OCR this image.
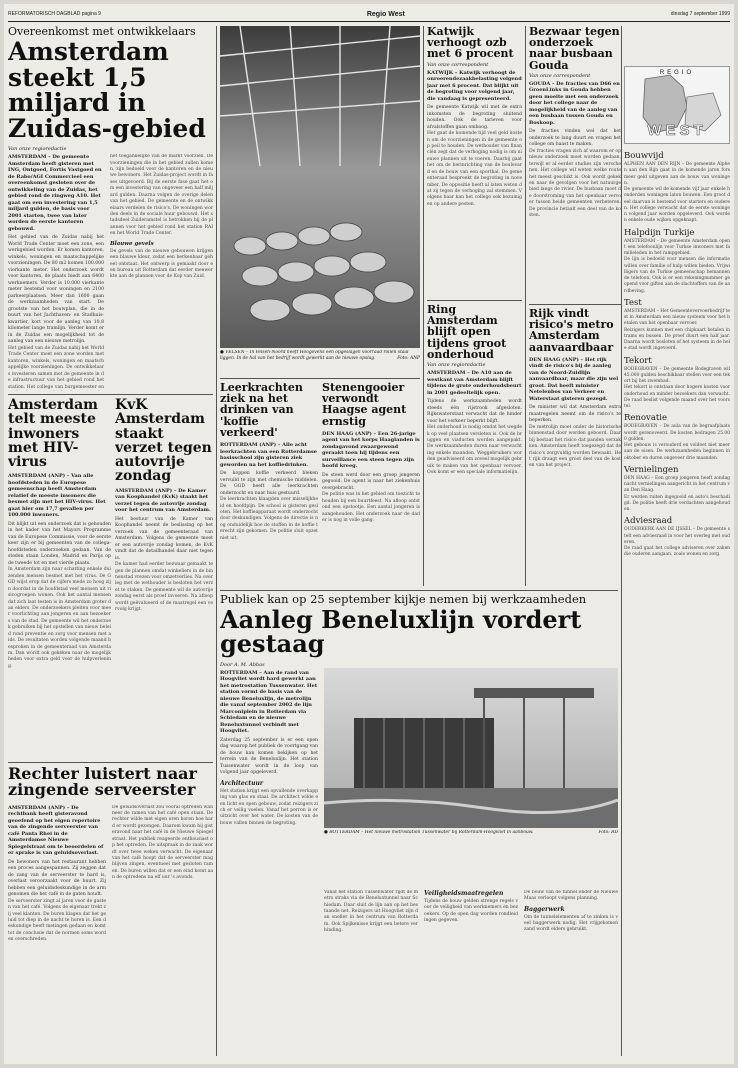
REFORMATORISCH DAGBLAD pagina 9	Regio West	dinsdag 7 september 1999
Overeenkomst met ontwikkelaars
Amsterdam steekt 1,5 miljard in Zuidas-gebied
Van onze regioredactie
AMSTERDAM – De gemeente Amsterdam heeft gisteren met ING, Ontgoed, Fortis Vastgoed en de Rabo/AGI Commercieel een overeenkomst gesloten over de ontwikkeling van de Zuidas, het gebied rond de ringweg A10. Het gaat om een investering van 1,5 miljard gulden, de basis voor 2001 starten, twee van later worden de eerste kantoren gebouwd.
Het gebied van de Zuidas nabij het World Trade Center moet een zone, een werkgebied worden. Er komen kantoren, winkels, woningen en maatschappelijke voorzieningen. De 80 m2 komen 100.000 vierkante meter. Het onderzoek wordt voor kantoren, de plaats biedt aan 6400 werknemers. Verder is 10.000 vierkante meter bestemd voor woningen en 2100 parkeerplaatsen. Meer dan 1600 gaan de werkzaamheden van start. De grootste van het bouwplan, die in de buurt van het Jachthaven- en Stadhuis-kwartier, kort voor de aanleg van 10,8 kilometer lange tramlijn. Verder komt er in de Zuidas een mogelijkheid tot de aanleg van een nieuwe metrolijn.
Het gebied van de Zuidas nabij het World Trade Center moet een zone worden met kantoren, winkels, woningen en maatschappelijke voorzieningen. De ontwikkelaars investeren samen met de gemeente in de infrastructuur van het gebied rond het station. Het college van burgemeester en
het toegankelijke van de markt voorzien. De voorzieningen die in het gebied zullen komen, zijn bedoeld voor de kantoren en de nieuwe bewoners. Het Zuidas-project wordt in fases uitgevoerd. Bij de eerste fase gaat het om een investering van ongeveer een half miljard gulden. Daarna volgen de overige delen van het gebied. De gemeente en de ontwikkelaars verdelen de risico's. De woningen worden deels in de sociale huur gebouwd. Het stadsdeel Zuideramstel is betrokken bij de plannen voor het gebied rond het station RAI en het World Trade Center.
Blauwe gevels
De gevels van de nieuwe gebouwen krijgen een blauwe kleur, zodat een herkenbaar geheel ontstaat. Het ontwerp is gemaakt door een bureau uit Rotterdam dat eerder meewerkte aan de plannen voor de Kop van Zuid.
Amsterdam telt meeste inwoners met HIV-virus
AMSTERDAM (ANP) – Van alle hoofdsteden in de Europese gemeenschap heeft Amsterdam relatief de meeste inwoners die besmet zijn met het HIV-virus. Het gaat hier om 17,7 gevallen per 100.000 inwoners.
Dit blijkt uit een onderzoek dat is gehouden in het kader van het Mayors Programme van de Europese Commissie, voor de eerste keer zijn er bij gemeenten van de collega-hoofdsteden onderzoeken gedaan. Van de steden staan Londen, Madrid en Parijs op de tweede tot en met vierde plaats.
In Amsterdam zijn naar schatting enkele duizenden mensen besmet met het virus. De GGD wijst erop dat de cijfers mede zo hoog zijn doordat in de hoofdstad veel mensen uit risicogroepen wonen. Ook het aantal mensen dat zich laat testen is in Amsterdam groter dan elders. De onderzoekers pleiten voor meer voorlichting aan jongeren en aan bezoekers van de stad. De gemeente wil het onderzoek gebruiken bij het opstellen van nieuw beleid rond preventie en zorg voor mensen met aids. De resultaten worden volgende maand besproken in de gemeenteraad van Amsterdam. Dan wordt ook gekeken naar de mogelijkheden voor extra geld voor de hulpverlening.
KvK Amsterdam staakt verzet tegen autovrije zondag
AMSTERDAM (ANP) – De Kamer van Koophandel (KvK) staakt het verzet tegen de autovrije zondag voor het centrum van Amsterdam.
Het bestuur van de Kamer van Koophandel neemt de beslissing op het verzoek van de gemeenteraad van Amsterdam. Volgens de gemeente moet er een autovrije zondag komen, de KvK vindt dat de detailhandel daar niet tegen is.
De kamer had eerder bezwaar gemaakt tegen de plannen omdat winkeliers in de binnenstad vrezen voor omzetverlies. Na overleg met de wethouder is besloten het verzet te staken. De gemeente wil de autovrije zondag eerst als proef invoeren. Na afloop wordt geëvalueerd of de maatregel een vervolg krijgt.
Rechter luistert naar zingende serveerster
AMSTERDAM (ANP) – De rechtbank heeft gisteravond geoefend op het eigen repertoire van de zingende serveerster van café Panta Rhei in de Amsterdamse Nieuwe Spiegelstraat om te beoordelen of er sprake is van geluidsoverlast.
De bewoners van het restaurant hebben een proces aangespannen. Zij zeggen dat de zang van de serveerster te hard is, overlast veroorzaakt voor de buurt. Zij hebben een geluidsdeskundige in de arm genomen die het café in de gaten houdt.
De serveerster zingt al jaren voor de gasten van het café. Volgens de eigenaar trekt zij veel klanten. De buren klagen dat het geluid tot diep in de nacht te horen is. Een deskundige heeft metingen gedaan en komt tot de conclusie dat de normen soms worden overschreden.
De geluidsoverlast zou vooral optreden wanneer de ramen van het café open staan. De rechter wilde met eigen oren horen hoe hard er wordt gezongen. Daarom kwam hij gisteravond naar het café in de Nieuwe Spiegelstraat. Het publiek reageerde enthousiast op het optreden. De uitspraak in de zaak wordt over twee weken verwacht. De eigenaar van het café hoopt dat de serveerster mag blijven zingen, eventueel met gesloten ramen. De buren willen dat er een eind komt aan de optredens na elf uur 's avonds.
● VELSEN – In Velsen-Noord heeft Hoogovens een opgeslagen voorraad rollen staal liggen. In de hal van het bedrijf wordt gewerkt aan de nieuwe opslag.	Foto: ANP
Leerkrachten ziek na het drinken van 'koffie verkeerd'
ROTTERDAM (ANP) – Alle acht leerkrachten van een Rotterdamse basisschool zijn gisteren ziek geworden na het koffiedrinken.
De koppen koffie verkeerd bleken vervuild te zijn met chemische middelen. De GGD heeft alle leerkrachten onderzocht en naar huis gestuurd.
De leerkrachten klaagden over misselijkheid en hoofdpijn. De school is gisteren gesloten. Het koffieapparaat wordt onderzocht door deskundigen. Volgens de directie is nog onduidelijk hoe de stoffen in de koffie terecht zijn gekomen. De politie sluit opzet niet uit.
Stenengooier verwondt Haagse agent ernstig
DEN HAAG (ANP) – Een 26-jarige agent van het korps Haaglanden is zondagavond zwaargewond geraakt toen hij tijdens een surveillance een steen tegen zijn hoofd kreeg.
De steen werd door een groep jongeren gegooid. De agent is naar het ziekenhuis overgebracht.
De politie was in het gebied om toezicht te houden bij een buurtfeest. Na afloop ontstond een opstootje. Een aantal jongeren is aangehouden. Het onderzoek naar de dader is nog in volle gang.
Katwijk verhoogt ozb met 6 procent
Van onze correspondent
KATWIJK – Katwijk verhoogt de onroerendezaakbelasting volgend jaar met 6 procent. Dat blijkt uit de begroting voor volgend jaar, die vandaag is gepresenteerd.
De gemeente Katwijk wil met de extra inkomsten de begroting sluitend houden. Ook de tarieven voor afvalstoffen gaan omhoog.
Het gaat de komende tijd veel geld kosten om de voorzieningen in de gemeente op peil te houden. De wethouder van financiën zegt dat de verhoging nodig is om nieuwe plannen uit te voeren. Daarbij gaat het om de herinrichting van de boulevard en de bouw van een sporthal. De gemeenteraad bespreekt de begroting in november. De oppositie heeft al laten weten dat zij tegen de verhoging zal stemmen. Volgens haar kan het college ook bezuinigen op andere posten.
Ring Amsterdam blijft open tijdens groot onderhoud
Van onze regioredactie
AMSTERDAM – De A10 aan de westkant van Amsterdam blijft tijdens de grote onderhoudsbeurt in 2001 gedeeltelijk open.
Tijdens de werkzaamheden wordt steeds één rijstrook afgesloten. Rijkswaterstaat verwacht dat de hinder voor het verkeer beperkt blijft.
Het onderhoud is nodig omdat het wegdek op veel plaatsen versleten is. Ook de bruggen en viaducten worden aangepakt. De werkzaamheden duren naar verwachting enkele maanden. Weggebruikers worden geadviseerd om zoveel mogelijk gebruik te maken van het openbaar vervoer. Ook komt er een speciale informatielijn.
Bezwaar tegen onderzoek naar busbaan Gouda
Van onze correspondent
GOUDA – De fracties van D66 en GroenLinks in Gouda hebben geen moeite met een onderzoek door het college naar de mogelijkheid van de aanleg van een busbaan tussen Gouda en Boskoop.
De fracties vinden wel dat het onderzoek te lang duurt en vragen het college om haast te maken.
De fracties vragen zich af waarom er opnieuw onderzoek moet worden gedaan, terwijl er al eerder studies zijn verschenen. Het college wil weten welke route het meest geschikt is. Ook wordt gekeken naar de gevolgen voor het natuurgebied langs de rivier. De busbaan moet de doorstroming van het openbaar vervoer tussen beide gemeenten verbeteren. De provincie betaalt een deel van de kosten.
Rijk vindt risico's metro Amsterdam aanvaardbaar
DEN HAAG (ANP) – Het rijk vindt de risico's bij de aanleg van de Noord-Zuidlijn aanvaardbaar, maar die zijn wel groot. Dat heeft minister Netelenbos van Verkeer en Waterstaat gisteren gezegd.
De minister wil dat Amsterdam extra maatregelen neemt om de risico's te beperken.
De metrolijn moet onder de historische binnenstad door worden geboord. Daarbij bestaat het risico dat panden verzakken. Amsterdam heeft toegezegd dat de risico's zorgvuldig worden bewaakt. Het rijk draagt een groot deel van de kosten van het project.
REGIO
WEST
Bouwvijd
ALPHEN AAN DEN RIJN – De gemeente Alphen aan den Rijn gaat in de komende jaren fors meer geld uitgeven aan de bouw van woningen.
De gemeente wil de komende vijf jaar enkele honderden woningen laten bouwen. Een groot deel daarvan is bestemd voor starters en ouderen. Het college verwacht dat de eerste woningen volgend jaar worden opgeleverd. Ook worden enkele oude wijken opgeknapt.
Halpdijn Turkije
AMSTERDAM – De gemeente Amsterdam opent een telefoonlijn voor Turkse inwoners met familieleden in het rampgebied.
De lijn is bedoeld voor mensen die informatie willen over familie of hulp willen bieden. Vrijwilligers van de Turkse gemeenschap bemannen de telefoon. Ook is er een rekeningnummer geopend voor giften aan de slachtoffers van de aardbeving.
Test
AMSTERDAM – Het Gemeentevervoerbedrijf test in Amsterdam een nieuw systeem voor het betalen van het openbaar vervoer.
Reizigers kunnen met een chipkaart betalen in trams en bussen. De proef duurt een half jaar. Daarna wordt besloten of het systeem in de hele stad wordt ingevoerd.
Tekort
BODEGRAVEN – De gemeente Bodegraven wil 45.000 gulden beschikbaar stellen voor een tekort bij het zwembad.
Het tekort is ontstaan door hogere kosten voor onderhoud en minder bezoekers dan verwacht. De raad beslist volgende maand over het voorstel.
Renovatie
BODEGRAVEN – De aula van de begraafplaats wordt gerenoveerd. De kosten bedragen 25.000 gulden.
Het gebouw is verouderd en voldoet niet meer aan de eisen. De werkzaamheden beginnen in oktober en duren ongeveer drie maanden.
Vernielingen
DEN HAAG – Een groep jongeren heeft zondagnacht vernielingen aangericht in het centrum van Den Haag.
Er werden ruiten ingegooid en auto's beschadigd. De politie heeft drie verdachten aangehouden.
Adviesraad
OUDERKERK AAN DE IJSSEL – De gemeente stelt een adviesraad in voor het overleg met ouderen.
De raad gaat het college adviseren over zaken die ouderen aangaan, zoals wonen en zorg.
Publiek kan op 25 september kijkje nemen bij werkzaamheden
Aanleg Beneluxlijn vordert gestaag
Door A. M. Abbas
ROTTERDAM – Aan de rand van Hoogvliet wordt hard gewerkt aan het metrostation Tussenwater. Het station vormt de basis van de nieuwe Beneluxlijn, de metrolijn die vanaf september 2002 de lijn Marconiplein in Rotterdam via Schiedam en de nieuwe Beneluxtunnel verbindt met Hoogvliet.
Zaterdag 25 september is er een open dag waarop het publiek de voortgang van de bouw kan komen bekijken op het terrein van de Beneluxlijn. Het station Tussenwater wordt in de loop van volgend jaar opgeleverd.
Architectuur
Het station krijgt een opvallende overkapping van glas en staal. De architect wilde een licht en open gebouw, zodat reizigers zich er veilig voelen. Vanaf het perron is er uitzicht over het water. De kosten van de bouw vallen binnen de begroting.
Vanaf het station Tussenwater rijdt de metro straks via de Beneluxtunnel naar Schiedam. Daar sluit de lijn aan op het bestaande net. Reizigers uit Hoogvliet zijn dan sneller in het centrum van Rotterdam. Ook Spijkenisse krijgt een betere verbinding.
Veiligheidsmaatregelen
Tijdens de bouw gelden strenge regels voor de veiligheid van werknemers en bezoekers. Op de open dag worden rondleidingen gegeven.
De bouw van de tunnel onder de Nieuwe Maas verloopt volgens planning.
Baggerwerk
Om de tunnelelementen af te zinken is veel baggerwerk nodig. Het vrijgekomen zand wordt elders gebruikt.
● ROTTERDAM – Het nieuwe metrostation Tussenwater bij Rotterdam-Hoogvliet in aanbouw.	Foto: RD
